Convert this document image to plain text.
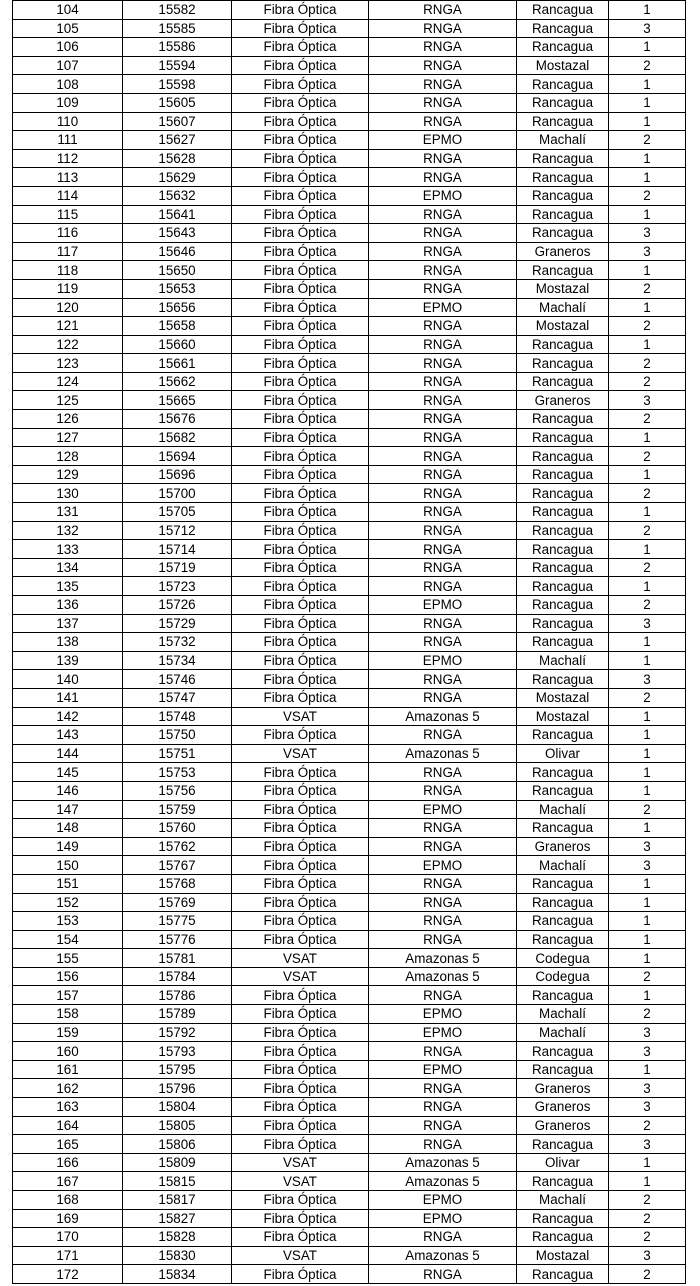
104	15582	Fibra Óptica	RNGA	Rancagua	1
105	15585	Fibra Óptica	RNGA	Rancagua	3
106	15586	Fibra Óptica	RNGA	Rancagua	1
107	15594	Fibra Óptica	RNGA	Mostazal	2
108	15598	Fibra Óptica	RNGA	Rancagua	1
109	15605	Fibra Óptica	RNGA	Rancagua	1
110	15607	Fibra Óptica	RNGA	Rancagua	1
111	15627	Fibra Óptica	EPMO	Machalí	2
112	15628	Fibra Óptica	RNGA	Rancagua	1
113	15629	Fibra Óptica	RNGA	Rancagua	1
114	15632	Fibra Óptica	EPMO	Rancagua	2
115	15641	Fibra Óptica	RNGA	Rancagua	1
116	15643	Fibra Óptica	RNGA	Rancagua	3
117	15646	Fibra Óptica	RNGA	Graneros	3
118	15650	Fibra Óptica	RNGA	Rancagua	1
119	15653	Fibra Óptica	RNGA	Mostazal	2
120	15656	Fibra Óptica	EPMO	Machalí	1
121	15658	Fibra Óptica	RNGA	Mostazal	2
122	15660	Fibra Óptica	RNGA	Rancagua	1
123	15661	Fibra Óptica	RNGA	Rancagua	2
124	15662	Fibra Óptica	RNGA	Rancagua	2
125	15665	Fibra Óptica	RNGA	Graneros	3
126	15676	Fibra Óptica	RNGA	Rancagua	2
127	15682	Fibra Óptica	RNGA	Rancagua	1
128	15694	Fibra Óptica	RNGA	Rancagua	2
129	15696	Fibra Óptica	RNGA	Rancagua	1
130	15700	Fibra Óptica	RNGA	Rancagua	2
131	15705	Fibra Óptica	RNGA	Rancagua	1
132	15712	Fibra Óptica	RNGA	Rancagua	2
133	15714	Fibra Óptica	RNGA	Rancagua	1
134	15719	Fibra Óptica	RNGA	Rancagua	2
135	15723	Fibra Óptica	RNGA	Rancagua	1
136	15726	Fibra Óptica	EPMO	Rancagua	2
137	15729	Fibra Óptica	RNGA	Rancagua	3
138	15732	Fibra Óptica	RNGA	Rancagua	1
139	15734	Fibra Óptica	EPMO	Machalí	1
140	15746	Fibra Óptica	RNGA	Rancagua	3
141	15747	Fibra Óptica	RNGA	Mostazal	2
142	15748	VSAT	Amazonas 5	Mostazal	1
143	15750	Fibra Óptica	RNGA	Rancagua	1
144	15751	VSAT	Amazonas 5	Olivar	1
145	15753	Fibra Óptica	RNGA	Rancagua	1
146	15756	Fibra Óptica	RNGA	Rancagua	1
147	15759	Fibra Óptica	EPMO	Machalí	2
148	15760	Fibra Óptica	RNGA	Rancagua	1
149	15762	Fibra Óptica	RNGA	Graneros	3
150	15767	Fibra Óptica	EPMO	Machalí	3
151	15768	Fibra Óptica	RNGA	Rancagua	1
152	15769	Fibra Óptica	RNGA	Rancagua	1
153	15775	Fibra Óptica	RNGA	Rancagua	1
154	15776	Fibra Óptica	RNGA	Rancagua	1
155	15781	VSAT	Amazonas 5	Codegua	1
156	15784	VSAT	Amazonas 5	Codegua	2
157	15786	Fibra Óptica	RNGA	Rancagua	1
158	15789	Fibra Óptica	EPMO	Machalí	2
159	15792	Fibra Óptica	EPMO	Machalí	3
160	15793	Fibra Óptica	RNGA	Rancagua	3
161	15795	Fibra Óptica	EPMO	Rancagua	1
162	15796	Fibra Óptica	RNGA	Graneros	3
163	15804	Fibra Óptica	RNGA	Graneros	3
164	15805	Fibra Óptica	RNGA	Graneros	2
165	15806	Fibra Óptica	RNGA	Rancagua	3
166	15809	VSAT	Amazonas 5	Olivar	1
167	15815	VSAT	Amazonas 5	Rancagua	1
168	15817	Fibra Óptica	EPMO	Machalí	2
169	15827	Fibra Óptica	EPMO	Rancagua	2
170	15828	Fibra Óptica	RNGA	Rancagua	2
171	15830	VSAT	Amazonas 5	Mostazal	3
172	15834	Fibra Óptica	RNGA	Rancagua	2
